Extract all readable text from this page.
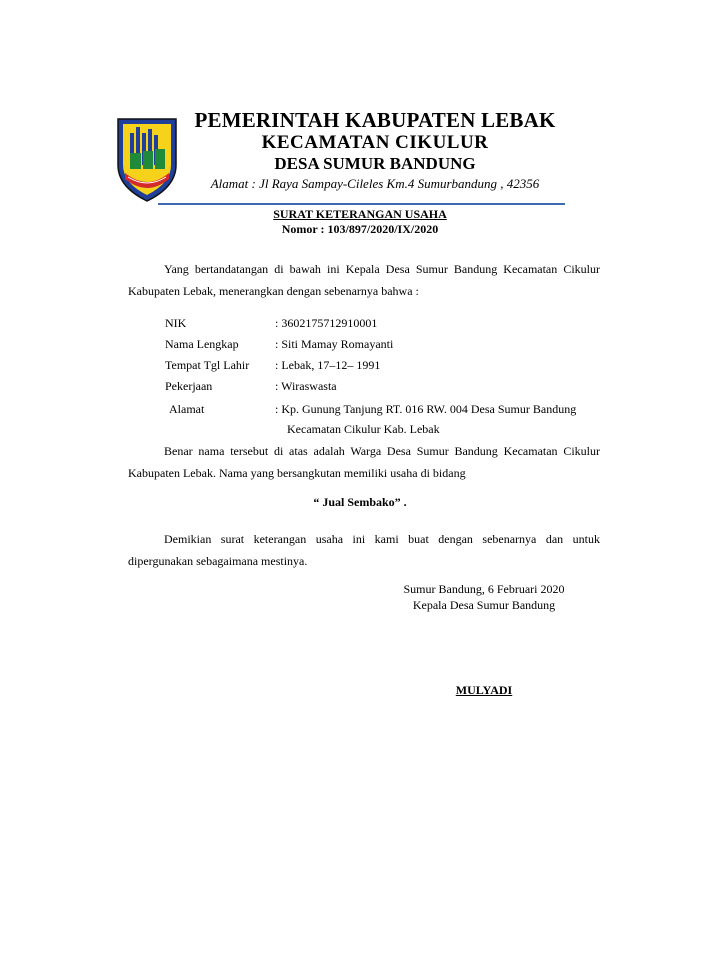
PEMERINTAH KABUPATEN LEBAK
KECAMATAN CIKULUR
DESA SUMUR BANDUNG
Alamat : Jl Raya Sampay-Cileles Km.4 Sumurbandung , 42356
SURAT KETERANGAN USAHA
Nomor : 103/897/2020/IX/2020
Yang bertandatangan di bawah ini Kepala Desa Sumur Bandung Kecamatan Cikulur Kabupaten Lebak, menerangkan dengan sebenarnya bahwa :
NIK	: 3602175712910001
Nama Lengkap	: Siti Mamay Romayanti
Tempat Tgl Lahir : Lebak, 17–12– 1991
Pekerjaan	: Wiraswasta
Alamat	: Kp. Gunung Tanjung RT. 016 RW. 004 Desa Sumur Bandung
Kecamatan Cikulur Kab. Lebak
Benar nama tersebut di atas adalah Warga Desa Sumur Bandung Kecamatan Cikulur Kabupaten Lebak. Nama yang bersangkutan memiliki usaha di bidang
“ Jual Sembako” .
Demikian surat keterangan usaha ini kami buat dengan sebenarnya dan untuk dipergunakan sebagaimana mestinya.
Sumur Bandung, 6 Februari 2020
Kepala Desa Sumur Bandung
MULYADI
